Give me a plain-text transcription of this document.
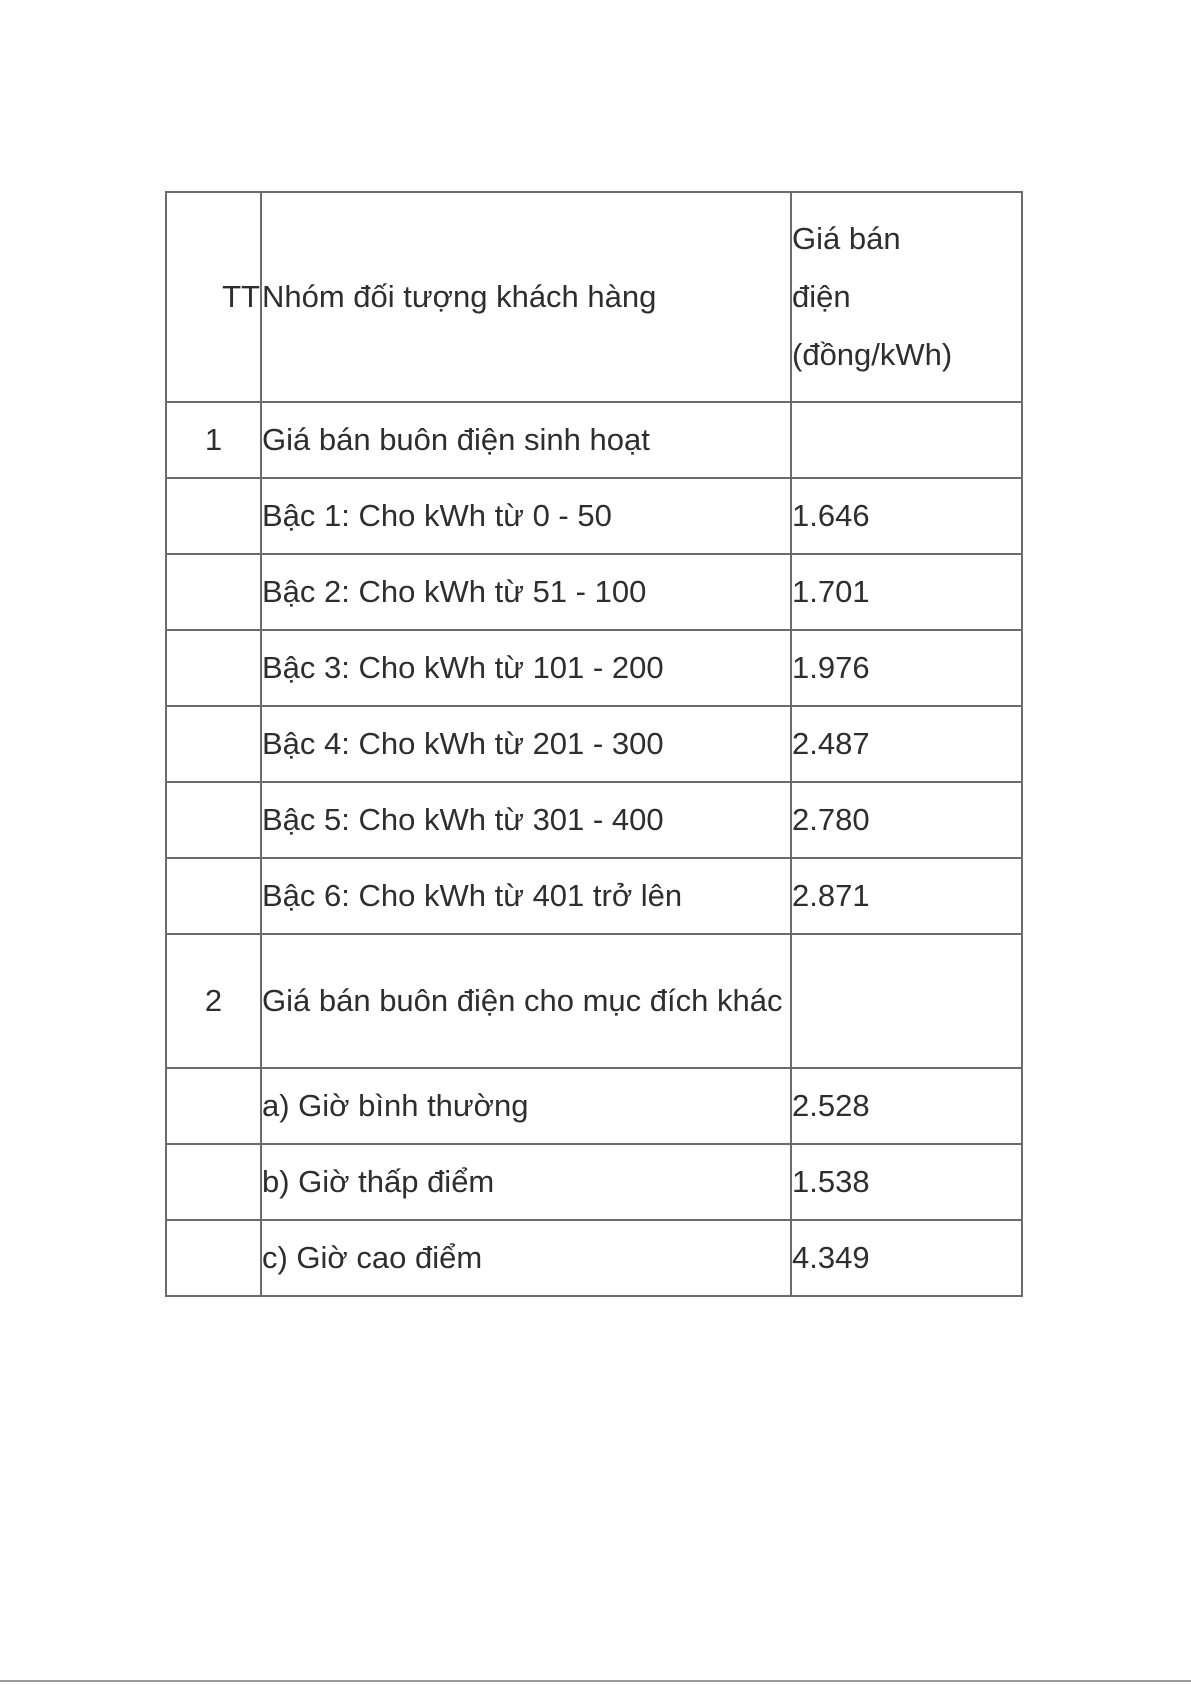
TT	Nhóm đối tượng khách hàng	Giá bán
điện
(đồng/kWh)

1	Giá bán buôn điện sinh hoạt	
	Bậc 1: Cho kWh từ 0 - 50	1.646
	Bậc 2: Cho kWh từ 51 - 100	1.701
	Bậc 3: Cho kWh từ 101 - 200	1.976
	Bậc 4: Cho kWh từ 201 - 300	2.487
	Bậc 5: Cho kWh từ 301 - 400	2.780
	Bậc 6: Cho kWh từ 401 trở lên	2.871
2	Giá bán buôn điện cho mục đích khác	
	a) Giờ bình thường	2.528
	b) Giờ thấp điểm	1.538
	c) Giờ cao điểm	4.349
